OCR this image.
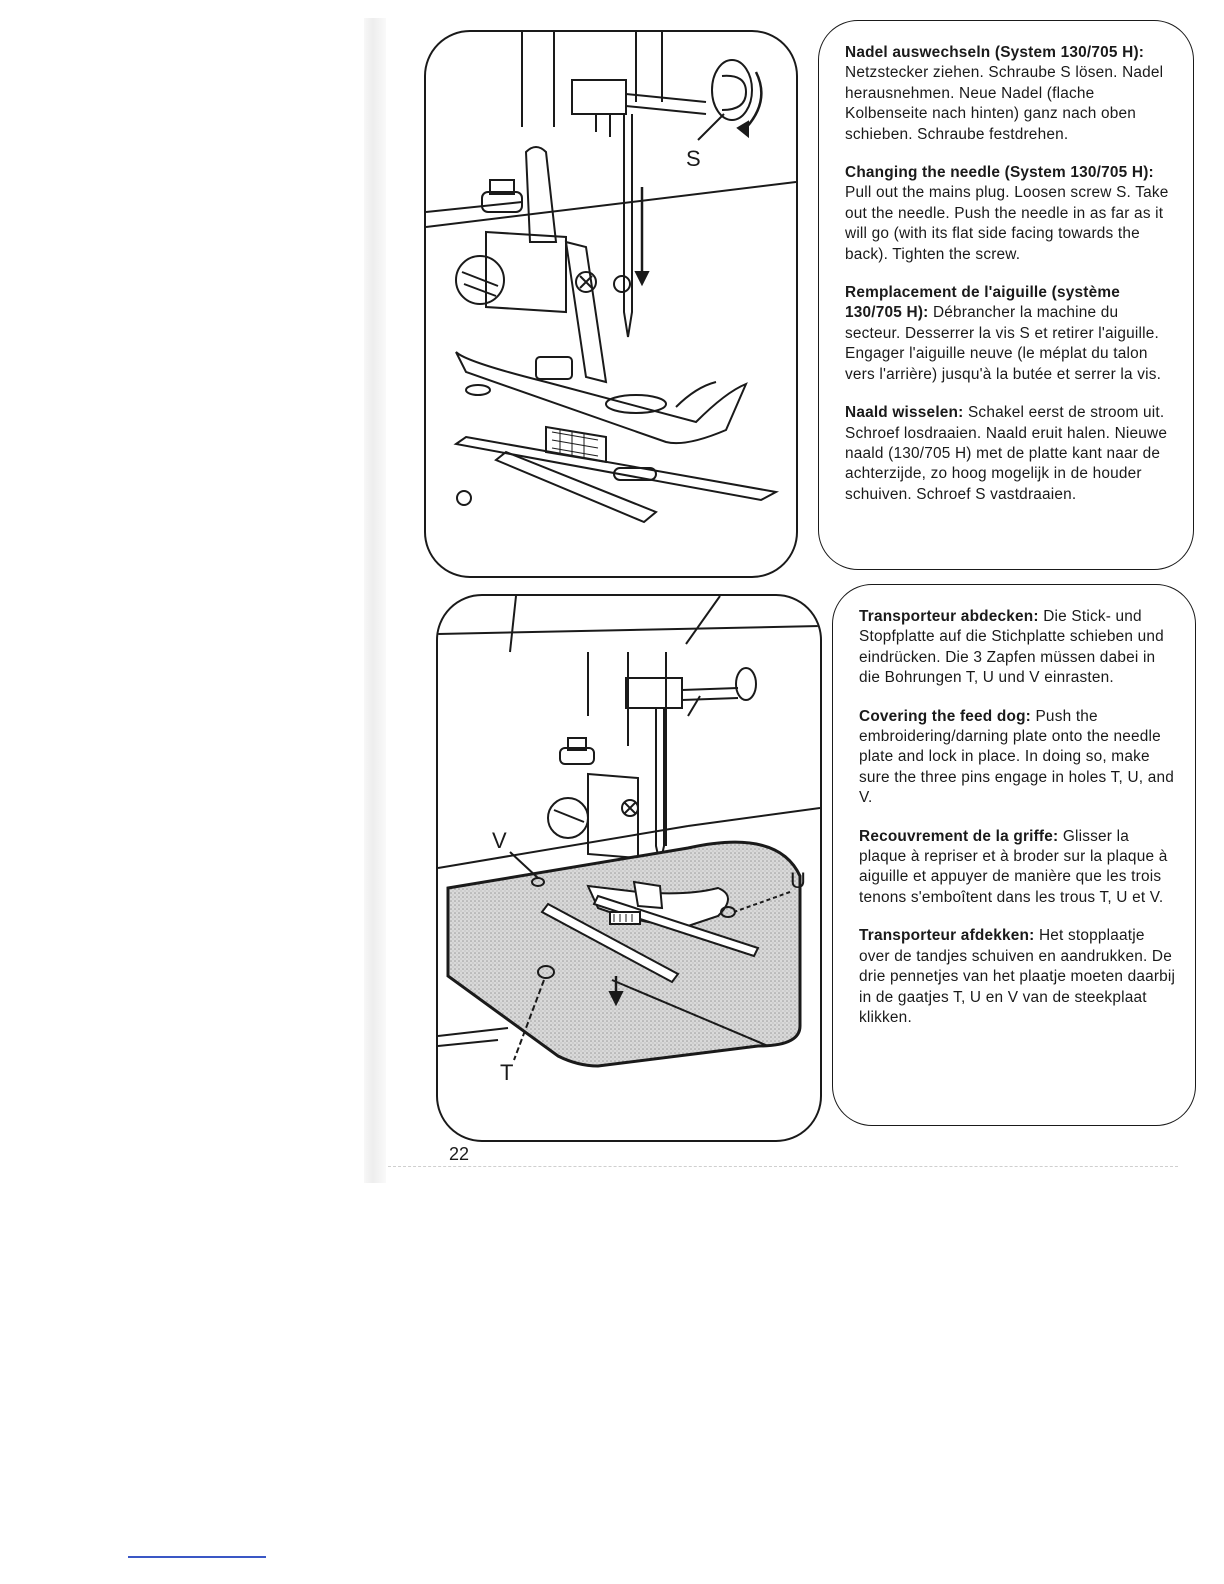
S

Nadel auswechseln (System 130/705 H): Netzstecker ziehen. Schraube S lösen. Nadel herausnehmen. Neue Nadel (flache Kolbenseite nach hinten) ganz nach oben schieben. Schraube festdrehen.

Changing the needle (System 130/705 H): Pull out the mains plug. Loosen screw S. Take out the needle. Push the needle in as far as it will go (with its flat side facing towards the back). Tighten the screw.

Remplacement de l'aiguille (système 130/705 H): Débrancher la machine du secteur. Desserrer la vis S et retirer l'aiguille. Engager l'aiguille neuve (le méplat du talon vers l'arrière) jusqu'à la butée et serrer la vis.

Naald wisselen: Schakel eerst de stroom uit. Schroef losdraaien. Naald eruit halen. Nieuwe naald (130/705 H) met de platte kant naar de achterzijde, zo hoog mogelijk in de houder schuiven. Schroef S vastdraaien.

V
U
T

Transporteur abdecken: Die Stick- und Stopfplatte auf die Stichplatte schieben und eindrücken. Die 3 Zapfen müssen dabei in die Bohrungen T, U und V einrasten.

Covering the feed dog: Push the embroidering/darning plate onto the needle plate and lock in place. In doing so, make sure the three pins engage in holes T, U, and V.

Recouvrement de la griffe: Glisser la plaque à repriser et à broder sur la plaque à aiguille et appuyer de manière que les trois tenons s'emboîtent dans les trous T, U et V.

Transporteur afdekken: Het stopplaatje over de tandjes schuiven en aandrukken. De drie pennetjes van het plaatje moeten daarbij in de gaatjes T, U en V van de steekplaat klikken.

22
